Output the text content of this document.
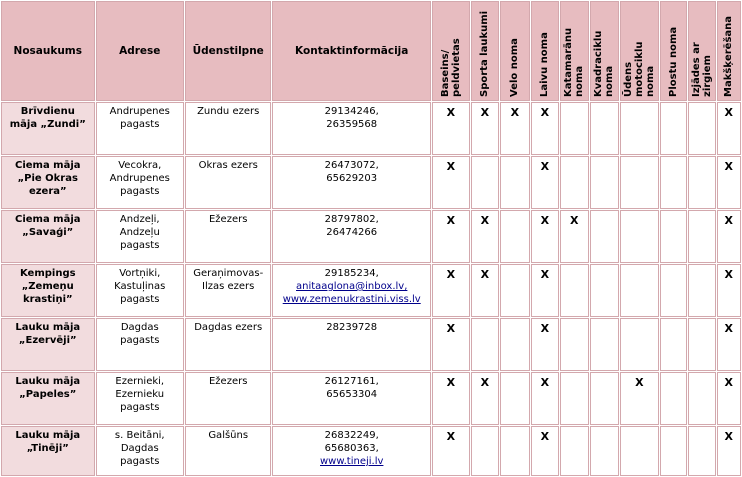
Nosaukums	Adrese	Ūdenstilpne	Kontaktinformācija	Baseins/ peldvietas	Sporta laukumi	Velo noma	Laivu noma	Katamarānu noma	Kvadraciklu noma	Ūdens motociklu noma	Plostu noma	Izjādes ar zirgiem	Makšķerēšana

Brīvdienu
māja „Zundi”	Andrupenes
pagasts	Zundu ezers	29134246,
26359568	X	X	X	X						X

Ciema māja
„Pie Okras
ezera”	Vecokra,
Andrupenes
pagasts	Okras ezers	26473072,
65629203	X			X						X

Ciema māja
„Savaģi”	Andzeļi,
Andzeļu
pagasts	Ežezers	28797802,
26474266	X	X		X	X					X

Kempings
„Zemeņu
krastiņi”	Vortņiki,
Kastuļinas
pagasts	Geraņimovas-
Ilzas ezers	29185234,
anitaaglona@inbox.lv,
www.zemenukrastini.viss.lv	X	X		X						X

Lauku māja
„Ezervēji”	Dagdas
pagasts	Dagdas ezers	28239728	X			X						X

Lauku māja
„Papeles”	Ezernieki,
Ezernieku
pagasts	Ežezers	26127161,
65653304	X	X		X			X			X

Lauku māja
„Tinēji”	s. Beitāni,
Dagdas
pagasts	Galšūns	26832249,
65680363,
www.tineji.lv	X			X						X
